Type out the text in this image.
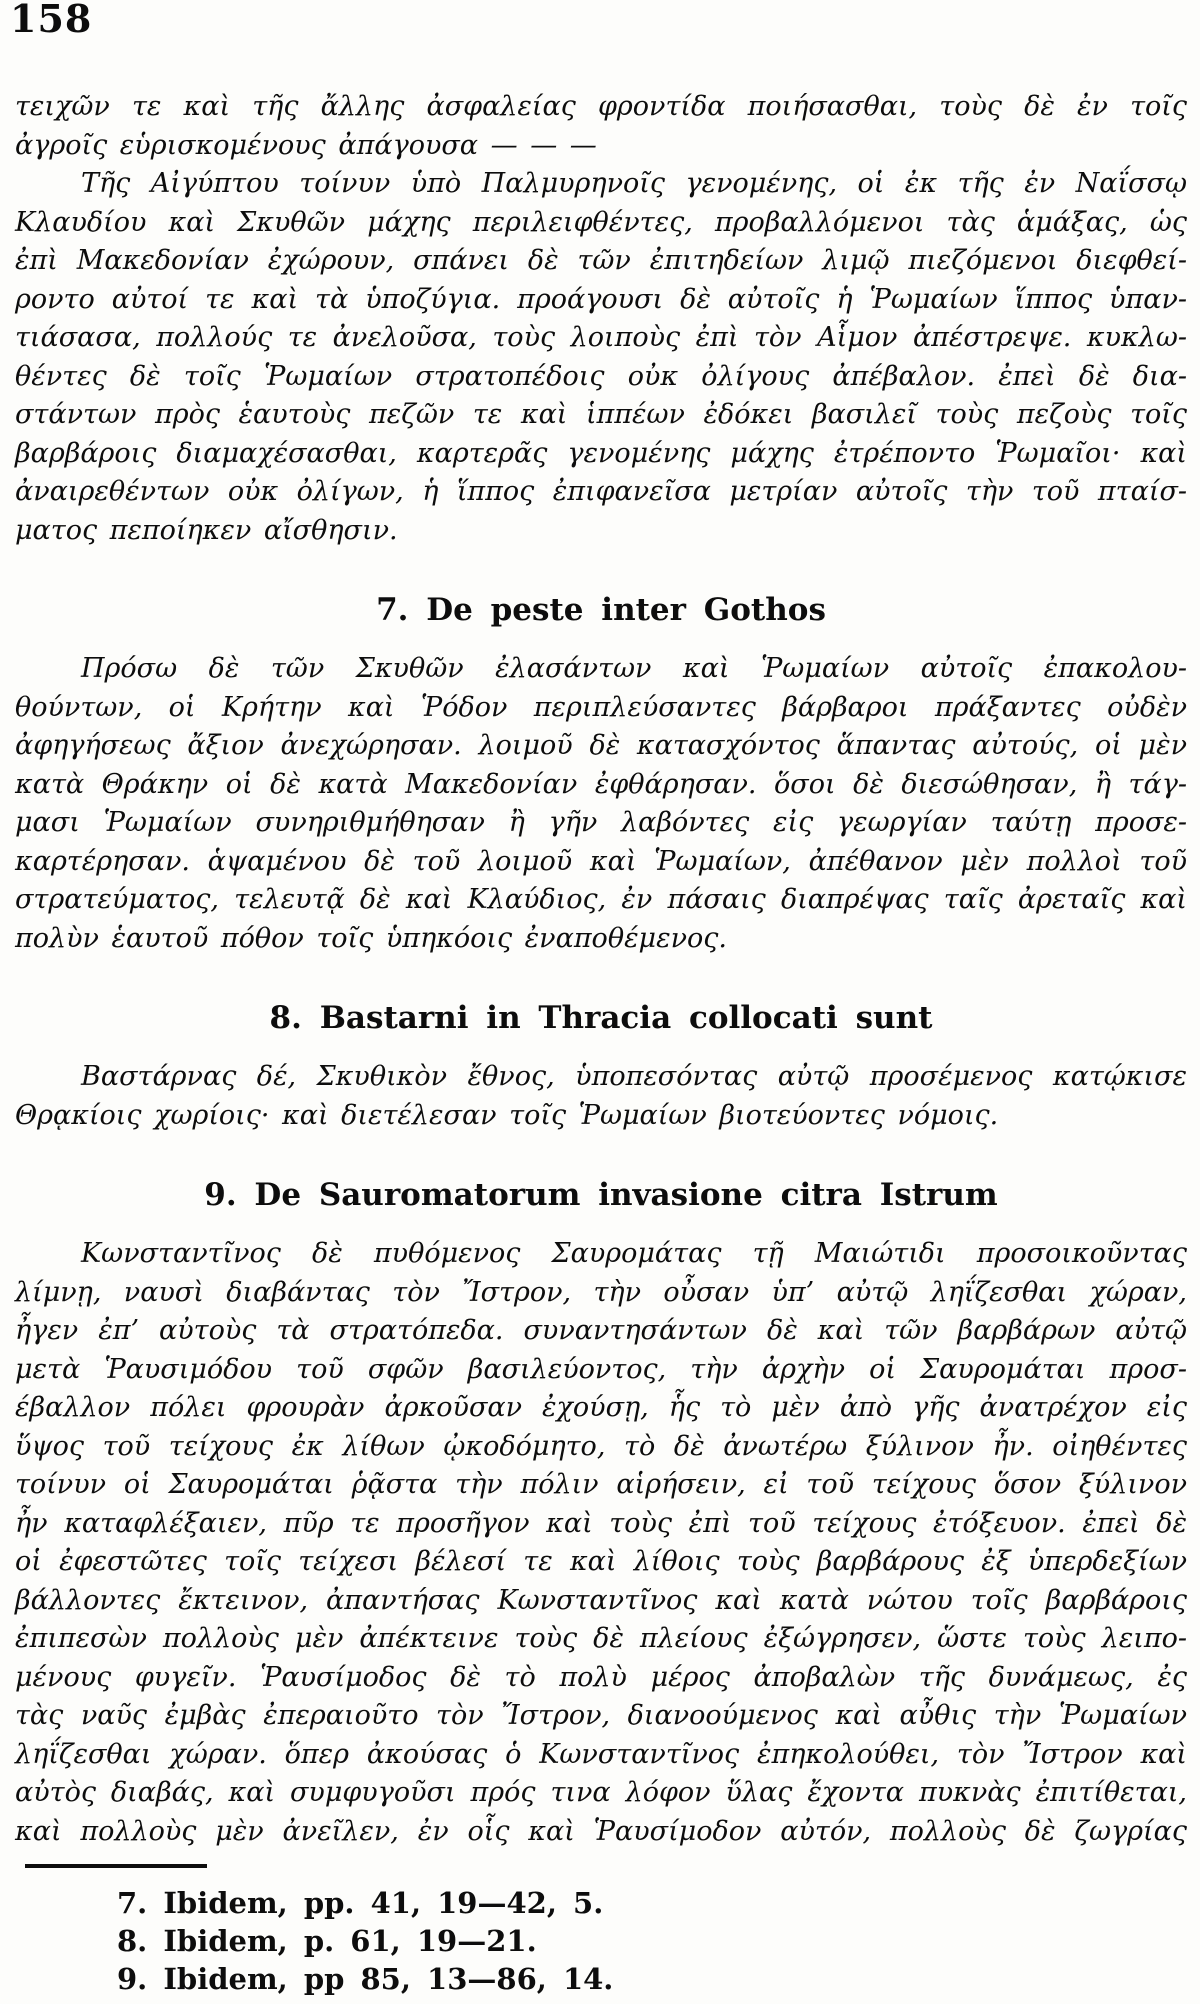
158
τειχῶν τε καὶ τῆς ἄλλης ἀσφαλείας φροντίδα ποιήσασθαι, τοὺς δὲ ἐν τοῖς
ἀγροῖς εὑρισκομένους ἀπάγουσα — — —
Τῆς Αἰγύπτου τοίνυν ὑπὸ Παλμυρηνοῖς γενομένης, οἱ ἐκ τῆς ἐν Ναΐσσῳ
Κλαυδίου καὶ Σκυθῶν μάχης περιλειφθέντες, προβαλλόμενοι τὰς ἁμάξας, ὡς
ἐπὶ Μακεδονίαν ἐχώρουν, σπάνει δὲ τῶν ἐπιτηδείων λιμῷ πιεζόμενοι διεφθεί-
ροντο αὐτοί τε καὶ τὰ ὑποζύγια. προάγουσι δὲ αὐτοῖς ἡ Ῥωμαίων ἵππος ὑπαν-
τιάσασα, πολλούς τε ἀνελοῦσα, τοὺς λοιποὺς ἐπὶ τὸν Αἷμον ἀπέστρεψε. κυκλω-
θέντες δὲ τοῖς Ῥωμαίων στρατοπέδοις οὐκ ὀλίγους ἀπέβαλον. ἐπεὶ δὲ δια-
στάντων πρὸς ἑαυτοὺς πεζῶν τε καὶ ἱππέων ἐδόκει βασιλεῖ τοὺς πεζοὺς τοῖς
βαρβάροις διαμαχέσασθαι, καρτερᾶς γενομένης μάχης ἐτρέποντο Ῥωμαῖοι· καὶ
ἀναιρεθέντων οὐκ ὀλίγων, ἡ ἵππος ἐπιφανεῖσα μετρίαν αὐτοῖς τὴν τοῦ πταίσ-
ματος πεποίηκεν αἴσθησιν.
7. De peste inter Gothos
Πρόσω δὲ τῶν Σκυθῶν ἐλασάντων καὶ Ῥωμαίων αὐτοῖς ἐπακολου-
θούντων, οἱ Κρήτην καὶ Ῥόδον περιπλεύσαντες βάρβαροι πράξαντες οὐδὲν
ἀφηγήσεως ἄξιον ἀνεχώρησαν. λοιμοῦ δὲ κατασχόντος ἅπαντας αὐτούς, οἱ μὲν
κατὰ Θράκην οἱ δὲ κατὰ Μακεδονίαν ἐφθάρησαν. ὅσοι δὲ διεσώθησαν, ἢ τάγ-
μασι Ῥωμαίων συνηριθμήθησαν ἢ γῆν λαβόντες εἰς γεωργίαν ταύτῃ προσε-
καρτέρησαν. ἁψαμένου δὲ τοῦ λοιμοῦ καὶ Ῥωμαίων, ἀπέθανον μὲν πολλοὶ τοῦ
στρατεύματος, τελευτᾷ δὲ καὶ Κλαύδιος, ἐν πάσαις διαπρέψας ταῖς ἀρεταῖς καὶ
πολὺν ἑαυτοῦ πόθον τοῖς ὑπηκόοις ἐναποθέμενος.
8. Bastarni in Thracia collocati sunt
Βαστάρνας δέ, Σκυθικὸν ἔθνος, ὑποπεσόντας αὐτῷ προσέμενος κατῴκισε
Θρᾳκίοις χωρίοις· καὶ διετέλεσαν τοῖς Ῥωμαίων βιοτεύοντες νόμοις.
9. De Sauromatorum invasione citra Istrum
Κωνσταντῖνος δὲ πυθόμενος Σαυρομάτας τῇ Μαιώτιδι προσοικοῦντας
λίμνῃ, ναυσὶ διαβάντας τὸν Ἴστρον, τὴν οὖσαν ὑπ’ αὐτῷ ληΐζεσθαι χώραν,
ἦγεν ἐπ’ αὐτοὺς τὰ στρατόπεδα. συναντησάντων δὲ καὶ τῶν βαρβάρων αὐτῷ
μετὰ Ῥαυσιμόδου τοῦ σφῶν βασιλεύοντος, τὴν ἀρχὴν οἱ Σαυρομάται προσ-
έβαλλον πόλει φρουρὰν ἀρκοῦσαν ἐχούσῃ, ἧς τὸ μὲν ἀπὸ γῆς ἀνατρέχον εἰς
ὕψος τοῦ τείχους ἐκ λίθων ᾠκοδόμητο, τὸ δὲ ἀνωτέρω ξύλινον ἦν. οἰηθέντες
τοίνυν οἱ Σαυρομάται ῥᾷστα τὴν πόλιν αἱρήσειν, εἰ τοῦ τείχους ὅσον ξύλινον
ἦν καταφλέξαιεν, πῦρ τε προσῆγον καὶ τοὺς ἐπὶ τοῦ τείχους ἐτόξευον. ἐπεὶ δὲ
οἱ ἐφεστῶτες τοῖς τείχεσι βέλεσί τε καὶ λίθοις τοὺς βαρβάρους ἐξ ὑπερδεξίων
βάλλοντες ἔκτεινον, ἀπαντήσας Κωνσταντῖνος καὶ κατὰ νώτου τοῖς βαρβάροις
ἐπιπεσὼν πολλοὺς μὲν ἀπέκτεινε τοὺς δὲ πλείους ἐξώγρησεν, ὥστε τοὺς λειπο-
μένους φυγεῖν. Ῥαυσίμοδος δὲ τὸ πολὺ μέρος ἀποβαλὼν τῆς δυνάμεως, ἐς
τὰς ναῦς ἐμβὰς ἐπεραιοῦτο τὸν Ἴστρον, διανοούμενος καὶ αὖθις τὴν Ῥωμαίων
ληΐζεσθαι χώραν. ὅπερ ἀκούσας ὁ Κωνσταντῖνος ἐπηκολούθει, τὸν Ἴστρον καὶ
αὐτὸς διαβάς, καὶ συμφυγοῦσι πρός τινα λόφον ὕλας ἔχοντα πυκνὰς ἐπιτίθεται,
καὶ πολλοὺς μὲν ἀνεῖλεν, ἐν οἷς καὶ Ῥαυσίμοδον αὐτόν, πολλοὺς δὲ ζωγρίας
7. Ibidem, pp. 41, 19—42, 5.
8. Ibidem, p. 61, 19—21.
9. Ibidem, pp 85, 13—86, 14.
